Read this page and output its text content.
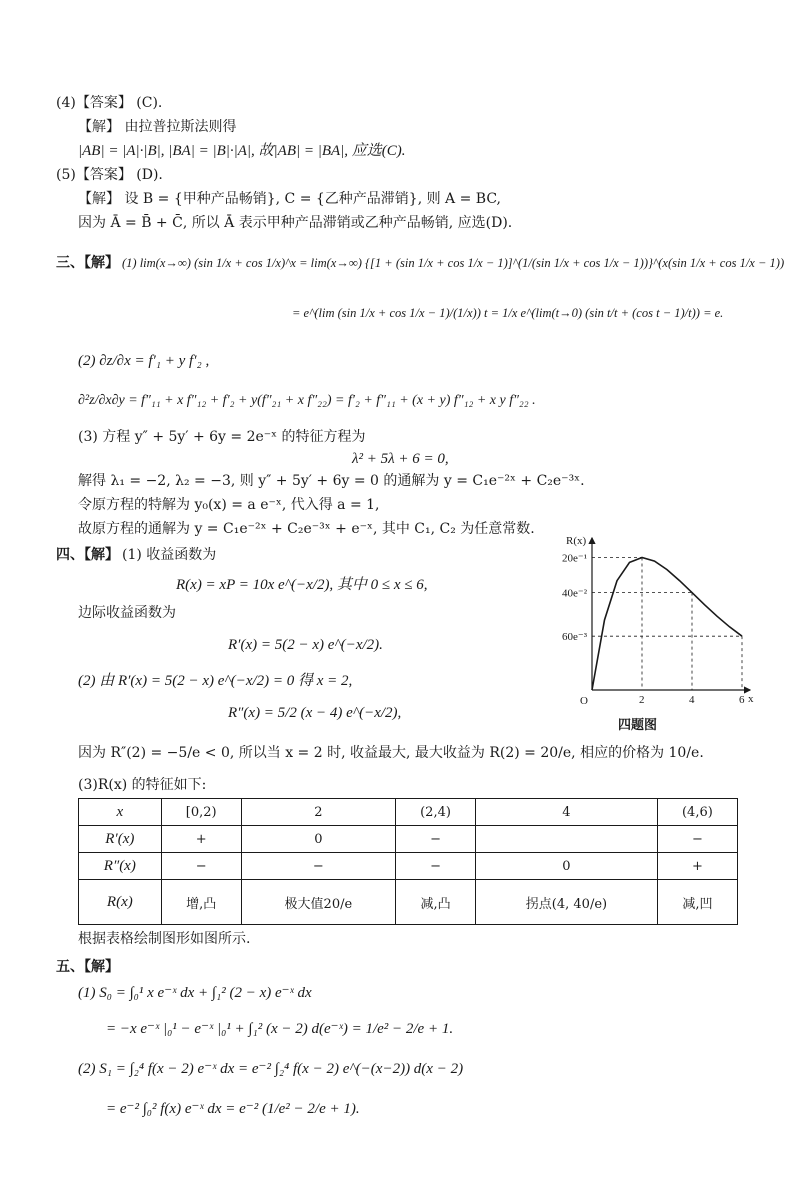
(4)【答案】 (C).
【解】 由拉普拉斯法则得
|AB| = |A|·|B|, |BA| = |B|·|A|, 故|AB| = |BA|, 应选(C).
(5)【答案】 (D).
【解】 设 B = {甲种产品畅销}, C = {乙种产品滞销}, 则 A = BC,
因为 Ā = B̄ + C̄, 所以 Ā 表示甲种产品滞销或乙种产品畅销, 应选(D).
三、【解】 (1) lim(x→∞) (sin 1/x + cos 1/x)^x = lim(x→∞) {[1 + (sin 1/x + cos 1/x − 1)]^(1/(sin 1/x + cos 1/x − 1))}^(x(sin 1/x + cos 1/x − 1))
= e^(lim (sin 1/x + cos 1/x − 1)/(1/x)) t = 1/x e^(lim(t→0) (sin t/t + (cos t − 1)/t)) = e.
(2) ∂z/∂x = f′₁ + y f′₂ ,
∂²z/∂x∂y = f″₁₁ + x f″₁₂ + f′₂ + y(f″₂₁ + x f″₂₂) = f′₂ + f″₁₁ + (x + y) f″₁₂ + x y f″₂₂ .
(3) 方程 y″ + 5y′ + 6y = 2e⁻ˣ 的特征方程为
λ² + 5λ + 6 = 0,
解得 λ₁ = −2, λ₂ = −3, 则 y″ + 5y′ + 6y = 0 的通解为 y = C₁e⁻²ˣ + C₂e⁻³ˣ.
令原方程的特解为 y₀(x) = a e⁻ˣ, 代入得 a = 1,
故原方程的通解为 y = C₁e⁻²ˣ + C₂e⁻³ˣ + e⁻ˣ, 其中 C₁, C₂ 为任意常数.
四、【解】 (1) 收益函数为
R(x) = xP = 10x e^(−x/2), 其中 0 ≤ x ≤ 6,
边际收益函数为
R′(x) = 5(2 − x) e^(−x/2).
(2) 由 R′(x) = 5(2 − x) e^(−x/2) = 0 得 x = 2,
R″(x) = 5/2 (x − 4) e^(−x/2),
因为 R″(2) = −5/e < 0, 所以当 x = 2 时, 收益最大, 最大收益为 R(2) = 20/e, 相应的价格为 10/e.
(3)R(x) 的特征如下:
R(x)
x
O
20e⁻¹
2
40e⁻²
4
60e⁻³
6
四题图
x	[0,2)	2	(2,4)	4	(4,6)
R′(x)	+	0	−		−
R″(x)	−	−	−	0	+
R(x)	增,凸	极大值20/e	减,凸	拐点(4, 40/e)	减,凹
根据表格绘制图形如图所示.
五、【解】
(1) S₀ = ∫₀¹ x e⁻ˣ dx + ∫₁² (2 − x) e⁻ˣ dx
= −x e⁻ˣ |₀¹ − e⁻ˣ |₀¹ + ∫₁² (x − 2) d(e⁻ˣ) = 1/e² − 2/e + 1.
(2) S₁ = ∫₂⁴ f(x − 2) e⁻ˣ dx = e⁻² ∫₂⁴ f(x − 2) e^(−(x−2)) d(x − 2)
= e⁻² ∫₀² f(x) e⁻ˣ dx = e⁻² (1/e² − 2/e + 1).
